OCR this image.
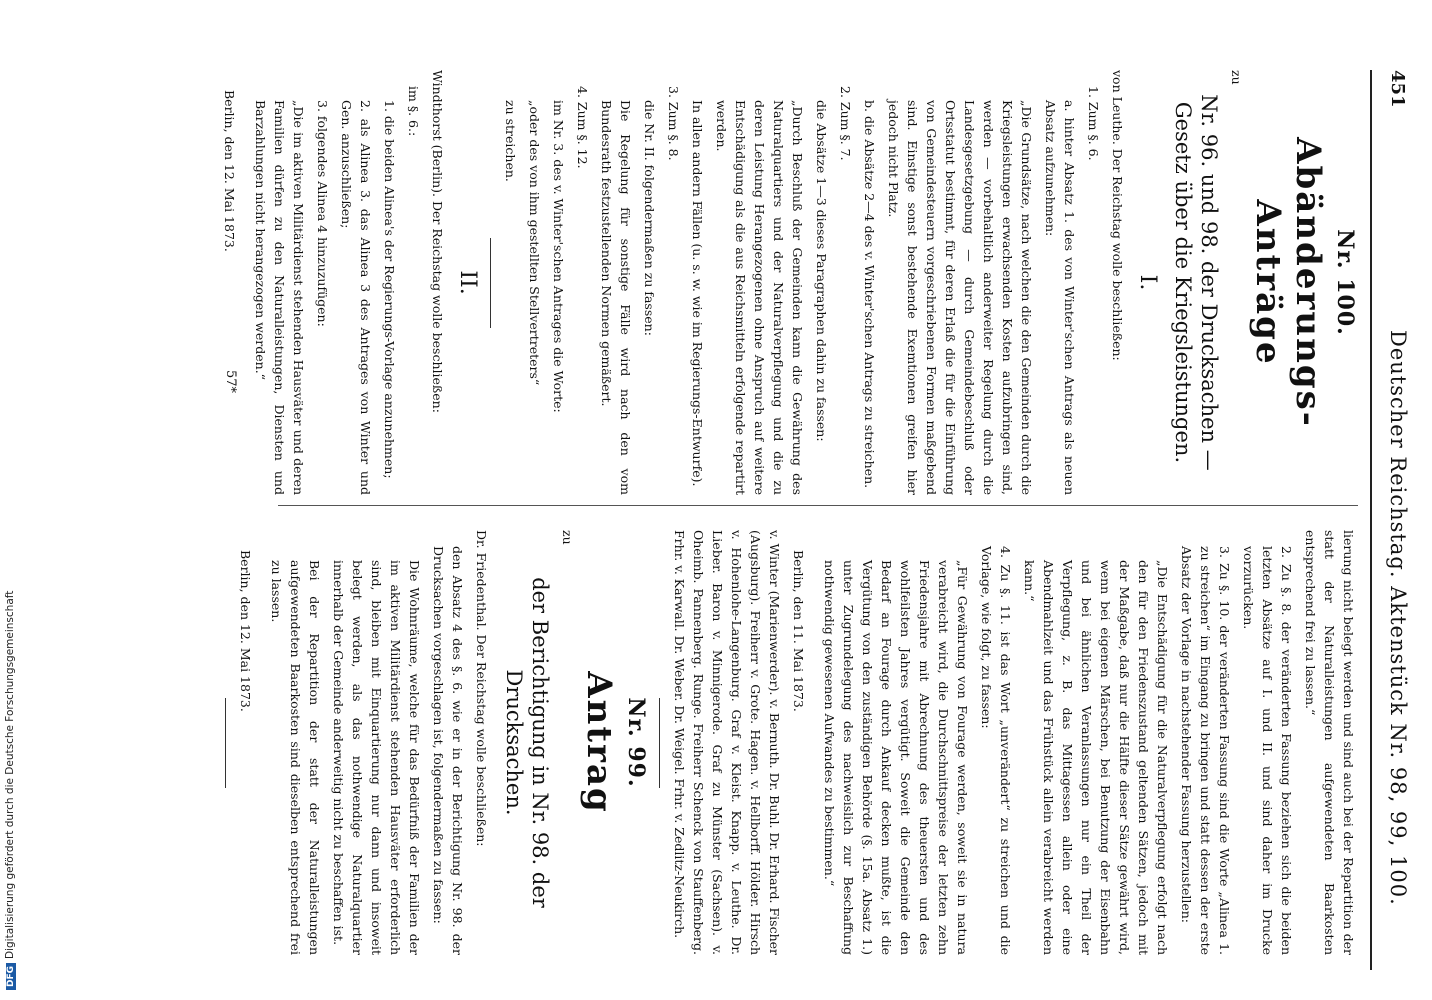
451
Deutscher Reichstag. Aktenstück Nr. 98, 99, 100.
Nr. 100.
Abänderungs-Anträge

zu

Nr. 96. und 98. der Drucksachen — Gesetz über die Kriegsleistungen.
I.

von Leuthe. Der Reichstag wolle beschließen:

1. Zum §. 6.

a. hinter Absatz 1. des von Winter'schen Antrags als neuen Absatz aufzunehmen:

„Die Grundsätze, nach welchen die den Gemeinden durch die Kriegsleistungen erwachsenden Kosten aufzubringen sind, werden — vorbehaltlich anderweiter Regelung durch die Landesgesetzgebung — durch Gemeindebeschluß oder Ortsstatut bestimmt, für deren Erlaß die für die Einführung von Gemeindesteuern vorgeschriebenen Formen maßgebend sind. Einstige sonst bestehende Exemtionen greifen hier jedoch nicht Platz.

b. die Absätze 2—4 des v. Winter'schen Antrags zu streichen.

2. Zum §. 7.

die Absätze 1—3 dieses Paragraphen dahin zu fassen:

„Durch Beschluß der Gemeinden kann die Gewährung des Naturalquartiers und der Naturalverpflegung und die zu deren Leistung Herangezogenen ohne Anspruch auf weitere Entschädigung als die aus Reichsmitteln erfolgende repartirt werden.

In allen andern Fällen (u. s. w. wie im Regierungs-Entwurfe).

3. Zum §. 8.

die Nr. II. folgendermaßen zu fassen:

Die Regelung für sonstige Fälle wird nach den vom Bundesrath festzustellenden Normen gemäßert.

4. Zum §. 12.

im Nr. 3. des v. Winter'schen Antrages die Worte:

„oder des von ihm gestellten Stellvertreters“

zu streichen.

II.

Windthorst (Berlin). Der Reichstag wolle beschließen:

im §. 6.:

1. die beiden Alinea's der Regierungs-Vorlage anzunehmen;

2. als Alinea 3. das Alinea 3 des Antrages von Winter und Gen. anzuschließen;

3. folgendes Alinea 4 hinzuzufügen:

„Die im aktiven Militärdienst stehenden Hausväter und deren Familien dürfen zu den Naturalleistungen, Diensten und Barzahlungen nicht herangezogen werden.“

Berlin, den 12. Mai 1873.

57*

lierung nicht belegt werden und sind auch bei der Repartition der statt der Naturalleistungen aufgewendeten Baarkosten entsprechend frei zu lassen.“

2. Zu §. 8. der veränderten Fassung beziehen sich die beiden letzten Absätze auf I. und II. und sind daher im Drucke vorzurücken.

3. Zu §. 10. der veränderten Fassung sind die Worte „Alinea 1. zu streichen“ im Eingang zu bringen und statt dessen der erste Absatz der Vorlage in nachstehender Fassung herzustellen:

„Die Entschädigung für die Naturalverpflegung erfolgt nach den für den Friedenszustand geltenden Sätzen, jedoch mit der Maßgabe, daß nur die Hälfte dieser Sätze gewährt wird, wenn bei eigenen Märschen, bei Benutzung der Eisenbahn und bei ähnlichen Veranlassungen nur ein Theil der Verpflegung, z. B. das Mittagessen allein oder eine Abendmahlzeit und das Frühstück allein verabreicht werden kann.“

4. Zu §. 11. ist das Wort „unverändert“ zu streichen und die Vorlage, wie folgt, zu fassen:

„Für Gewährung von Fourage werden, soweit sie in natura verabreicht wird, die Durchschnittspreise der letzten zehn Friedensjahre mit Abrechnung des theuersten und des wohlfeilsten Jahres vergütigt. Soweit die Gemeinde den Bedarf an Fourage durch Ankauf decken mußte, ist die Vergütung von den zuständigen Behörde (§. 15a. Absatz 1.) unter Zugrundelegung des nachweislich zur Beschaffung nothwendig gewesenen Aufwandes zu bestimmen.“

Berlin, den 11. Mai 1873.

v. Winter (Marienwerder). v. Bernuth. Dr. Buhl. Dr. Erhard. Fischer (Augsburg). Freiherr v. Grote. Hagen. v. Hellborff. Hölder. Hirsch v. Hohenlohe-Langenburg. Graf v. Kleist. Knapp. v. Leuthe. Dr. Lieber. Baron v. Minnigerode. Graf zu Münster (Sachsen). v. Oheimb. Pannenberg. Runge. Freiherr Schenck von Stauffenberg. Frhr. v. Karwall. Dr. Weber. Dr. Weigel. Frhr. v. Zedlitz-Neukirch.

Nr. 99.
Antrag

zu

der Berichtigung in Nr. 98. der Drucksachen.

Dr. Friedenthal. Der Reichstag wolle beschließen:

den Absatz 4 des §. 6. wie er in der Berichtigung Nr. 98. der Drucksachen vorgeschlagen ist, folgendermaßen zu fassen:

Die Wohnräume, welche für das Bedürfniß der Familien der im aktiven Militärdienst stehenden Hausväter erforderlich sind, bleiben mit Einquartierung nur dann und insoweit belegt werden, als das nothwendige Naturalquartier innerhalb der Gemeinde anderweitig nicht zu beschaffen ist.

Bei der Repartition der statt der Naturalleistungen aufgewendeten Baarkosten sind dieselben entsprechend frei zu lassen.

Berlin, den 12. Mai 1873.

DFGDigitalisierung gefördert durch die Deutsche Forschungsgemeinschaft
